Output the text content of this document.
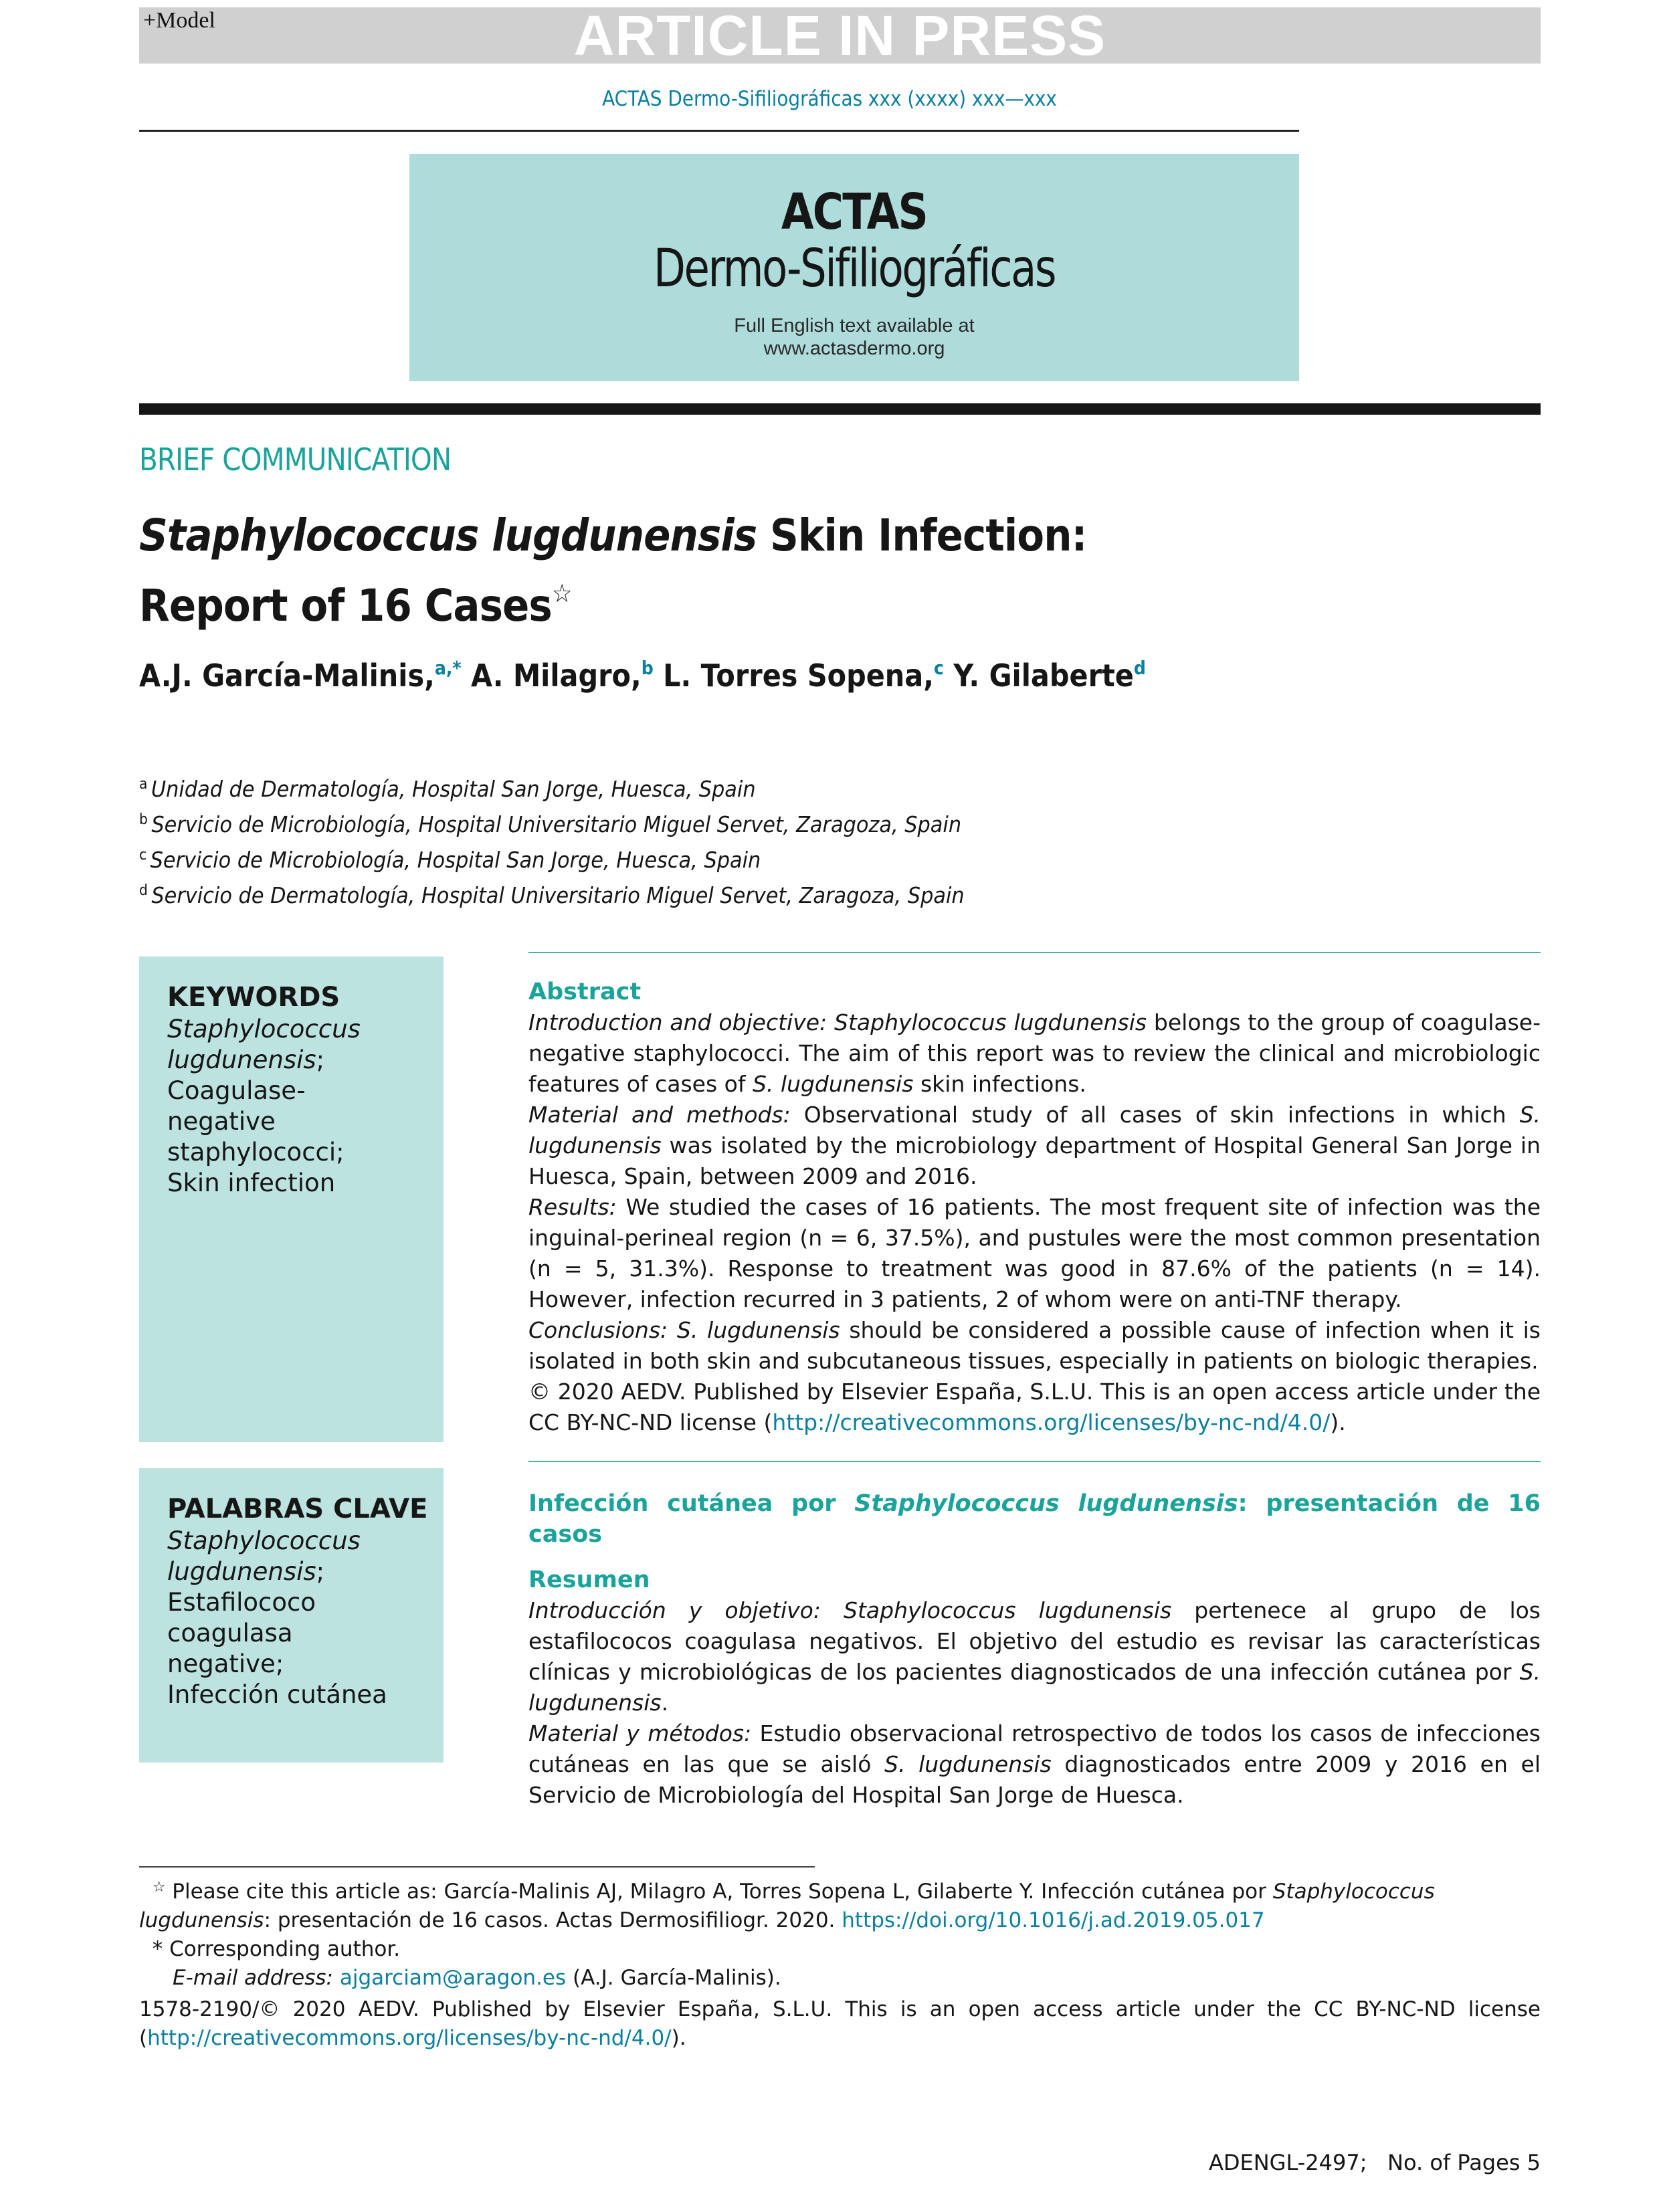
+Model	ARTICLE IN PRESS
ACTAS Dermo-Sifiliográficas xxx (xxxx) xxx—xxx
ACTAS
Dermo-Sifiliográficas
Full English text available at
www.actasdermo.org
BRIEF COMMUNICATION
Staphylococcus lugdunensis Skin Infection:
Report of 16 Cases☆
A.J. García-Malinis,$^{a,*}$ A. Milagro,$^b$ L. Torres Sopena,$^c$ Y. Gilaberte$^d$
$^a$ Unidad de Dermatología, Hospital San Jorge, Huesca, Spain
$^b$ Servicio de Microbiología, Hospital Universitario Miguel Servet, Zaragoza, Spain
$^c$ Servicio de Microbiología, Hospital San Jorge, Huesca, Spain
$^d$ Servicio de Dermatología, Hospital Universitario Miguel Servet, Zaragoza, Spain
KEYWORDS
Staphylococcus lugdunensis;
Coagulase-negative staphylococci;
Skin infection
PALABRAS CLAVE
Staphylococcus lugdunensis;
Estafilococo coagulasa negative;
Infección cutánea
Abstract

Introduction and objective: Staphylococcus lugdunensis belongs to the group of coagulase-negative staphylococci. The aim of this report was to review the clinical and microbiologic features of cases of S. lugdunensis skin infections.

Material and methods: Observational study of all cases of skin infections in which S. lugdunensis was isolated by the microbiology department of Hospital General San Jorge in Huesca, Spain, between 2009 and 2016.

Results: We studied the cases of 16 patients. The most frequent site of infection was the inguinal-perineal region (n = 6, 37.5%), and pustules were the most common presentation (n = 5, 31.3%). Response to treatment was good in 87.6% of the patients (n = 14). However, infection recurred in 3 patients, 2 of whom were on anti-TNF therapy.

Conclusions: S. lugdunensis should be considered a possible cause of infection when it is isolated in both skin and subcutaneous tissues, especially in patients on biologic therapies.

© 2020 AEDV. Published by Elsevier España, S.L.U. This is an open access article under the CC BY-NC-ND license (http://creativecommons.org/licenses/by-nc-nd/4.0/).

Infección cutánea por Staphylococcus lugdunensis: presentación de 16 casos
Resumen

Introducción y objetivo: Staphylococcus lugdunensis pertenece al grupo de los estafilococos coagulasa negativos. El objetivo del estudio es revisar las características clínicas y microbiológicas de los pacientes diagnosticados de una infección cutánea por S. lugdunensis.

Material y métodos: Estudio observacional retrospectivo de todos los casos de infecciones cutáneas en las que se aisló S. lugdunensis diagnosticados entre 2009 y 2016 en el Servicio de Microbiología del Hospital San Jorge de Huesca.

☆ Please cite this article as: García-Malinis AJ, Milagro A, Torres Sopena L, Gilaberte Y. Infección cutánea por Staphylococcus lugdunensis: presentación de 16 casos. Actas Dermosifiliogr. 2020. https://doi.org/10.1016/j.ad.2019.05.017

* Corresponding author.

E-mail address: ajgarciam@aragon.es (A.J. García-Malinis).

1578-2190/© 2020 AEDV. Published by Elsevier España, S.L.U. This is an open access article under the CC BY-NC-ND license (http://creativecommons.org/licenses/by-nc-nd/4.0/).
ADENGL-2497; No. of Pages 5
